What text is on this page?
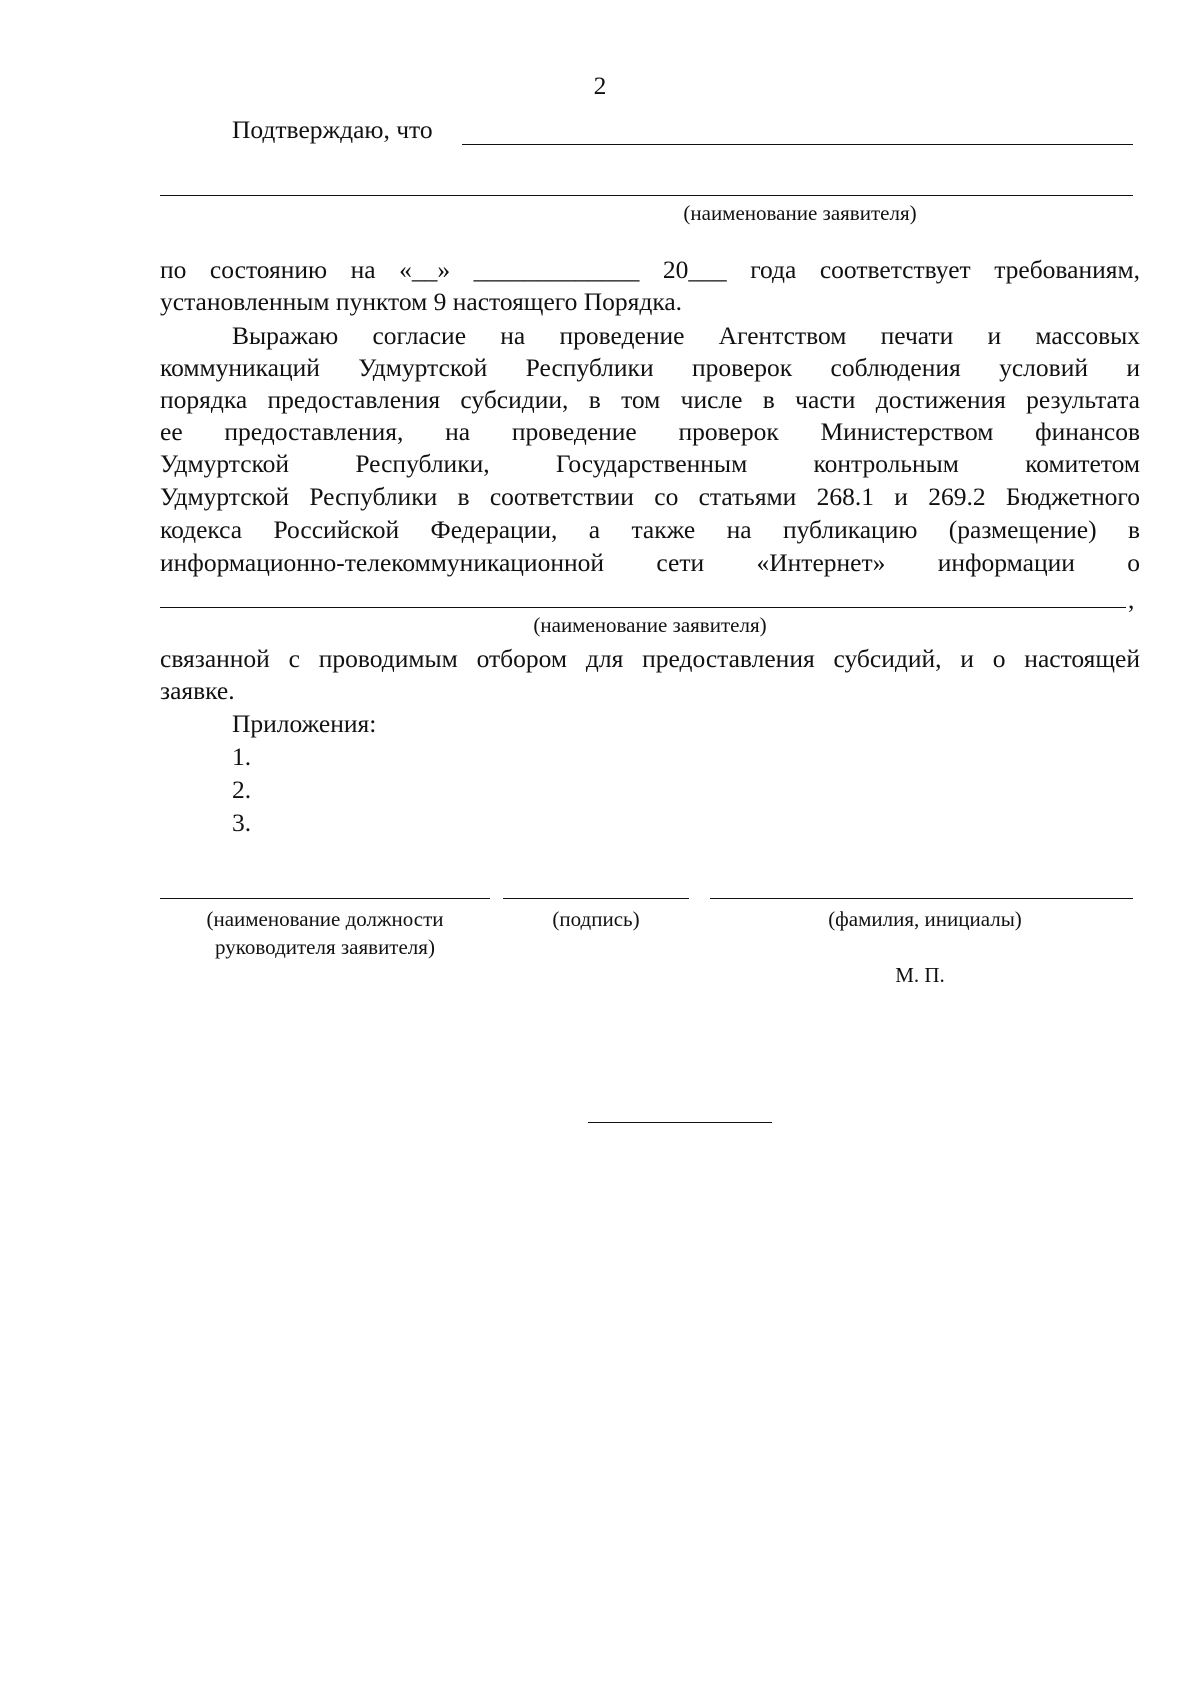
2
Подтверждаю, что
(наименование заявителя)
по состоянию на «__» _____________ 20___ года соответствует требованиям,
установленным пунктом 9 настоящего Порядка.
Выражаю согласие на проведение Агентством печати и массовых
коммуникаций Удмуртской Республики проверок соблюдения условий и
порядка предоставления субсидии, в том числе в части достижения результата
ее предоставления, на проведение проверок Министерством финансов
Удмуртской Республики, Государственным контрольным комитетом
Удмуртской Республики в соответствии со статьями 268.1 и 269.2 Бюджетного
кодекса Российской Федерации, а также на публикацию (размещение) в
информационно-телекоммуникационной сети «Интернет» информации о
,
(наименование заявителя)
связанной с проводимым отбором для предоставления субсидий, и о настоящей
заявке.
Приложения:
1.
2.
3.
(наименование должности
руководителя заявителя)
(подпись)	(фамилия, инициалы)
М. П.
